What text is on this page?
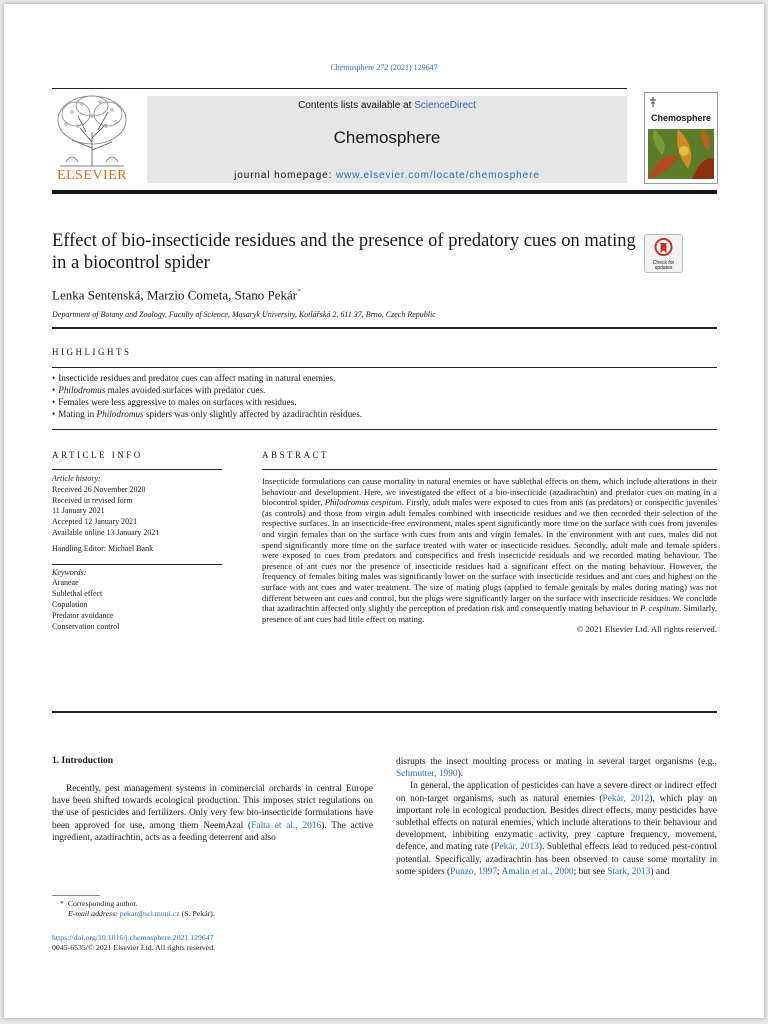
Chemosphere 272 (2021) 129647
ELSEVIER
Contents lists available at ScienceDirect
Chemosphere
journal homepage: www.elsevier.com/locate/chemosphere
Chemosphere
Effect of bio-insecticide residues and the presence of predatory cues on mating in a biocontrol spider	Check for updates
Lenka Sentenská, Marzio Cometa, Stano Pekár*
Department of Botany and Zoology, Faculty of Science, Masaryk University, Kotlářská 2, 611 37, Brno, Czech Republic
HIGHLIGHTS
• Insecticide residues and predator cues can affect mating in natural enemies.
• Philodromus males avoided surfaces with predator cues.
• Females were less aggressive to males on surfaces with residues.
• Mating in Philodromus spiders was only slightly affected by azadirachtin residues.
ARTICLE INFO
Article history:
Received 26 November 2020
Received in revised form
11 January 2021
Accepted 12 January 2021
Available online 13 January 2021
Handling Editor: Michael Bank
Keywords:
Araneae
Sublethal effect
Copulation
Predator avoidance
Conservation control
ABSTRACT

Insecticide formulations can cause mortality in natural enemies or have sublethal effects on them, which include alterations in their behaviour and development. Here, we investigated the effect of a bio-insecticide (azadirachtin) and predator cues on mating in a biocontrol spider, Philodromus cespitum. Firstly, adult males were exposed to cues from ants (as predators) or conspecific juveniles (as controls) and those from virgin adult females combined with insecticide residues and we then recorded their selection of the respective surfaces. In an insecticide-free environment, males spent significantly more time on the surface with cues from juveniles and virgin females than on the surface with cues from ants and virgin females. In the environment with ant cues, males did not spend significantly more time on the surface treated with water or insecticide residues. Secondly, adult male and female spiders were exposed to cues from predators and conspecifics and fresh insecticide residuals and we recorded mating behaviour. The presence of ant cues nor the presence of insecticide residues had a significant effect on the mating behaviour. However, the frequency of females biting males was significantly lower on the surface with insecticide residues and ant cues and highest on the surface with ant cues and water treatment. The size of mating plugs (applied to female genitals by males during mating) was not different between ant cues and control, but the plugs were significantly larger on the surface with insecticide residues. We conclude that azadirachtin affected only slightly the perception of predation risk and consequently mating behaviour in P. cespitum. Similarly, presence of ant cues had little effect on mating.

© 2021 Elsevier Ltd. All rights reserved.
1. Introduction

Recently, pest management systems in commercial orchards in central Europe have been shifted towards ecological production. This imposes strict regulations on the use of pesticides and fertilizers. Only very few bio-insecticide formulations have been approved for use, among them NeemAzal (Falta et al., 2016). The active ingredient, azadirachtin, acts as a feeding deterrent and also

disrupts the insect moulting process or mating in several target organisms (e.g., Schmutter, 1990).

In general, the application of pesticides can have a severe direct or indirect effect on non-target organisms, such as natural enemies (Pekár, 2012), which play an important role in ecological production. Besides direct effects, many pesticides have sublethal effects on natural enemies, which include alterations to their behaviour and development, inhibiting enzymatic activity, prey capture frequency, movement, defence, and mating rate (Pekár, 2013). Sublethal effects lead to reduced pest-control potential. Specifically, azadirachtin has been observed to cause some mortality in some spiders (Punzo, 1997; Amalin et al., 2000; but see Stark, 2013) and

* Corresponding author.
E-mail address: pekar@sci.muni.cz (S. Pekár).
https://doi.org/10.1016/j.chemosphere.2021.129647
0045-6535/© 2021 Elsevier Ltd. All rights reserved.
